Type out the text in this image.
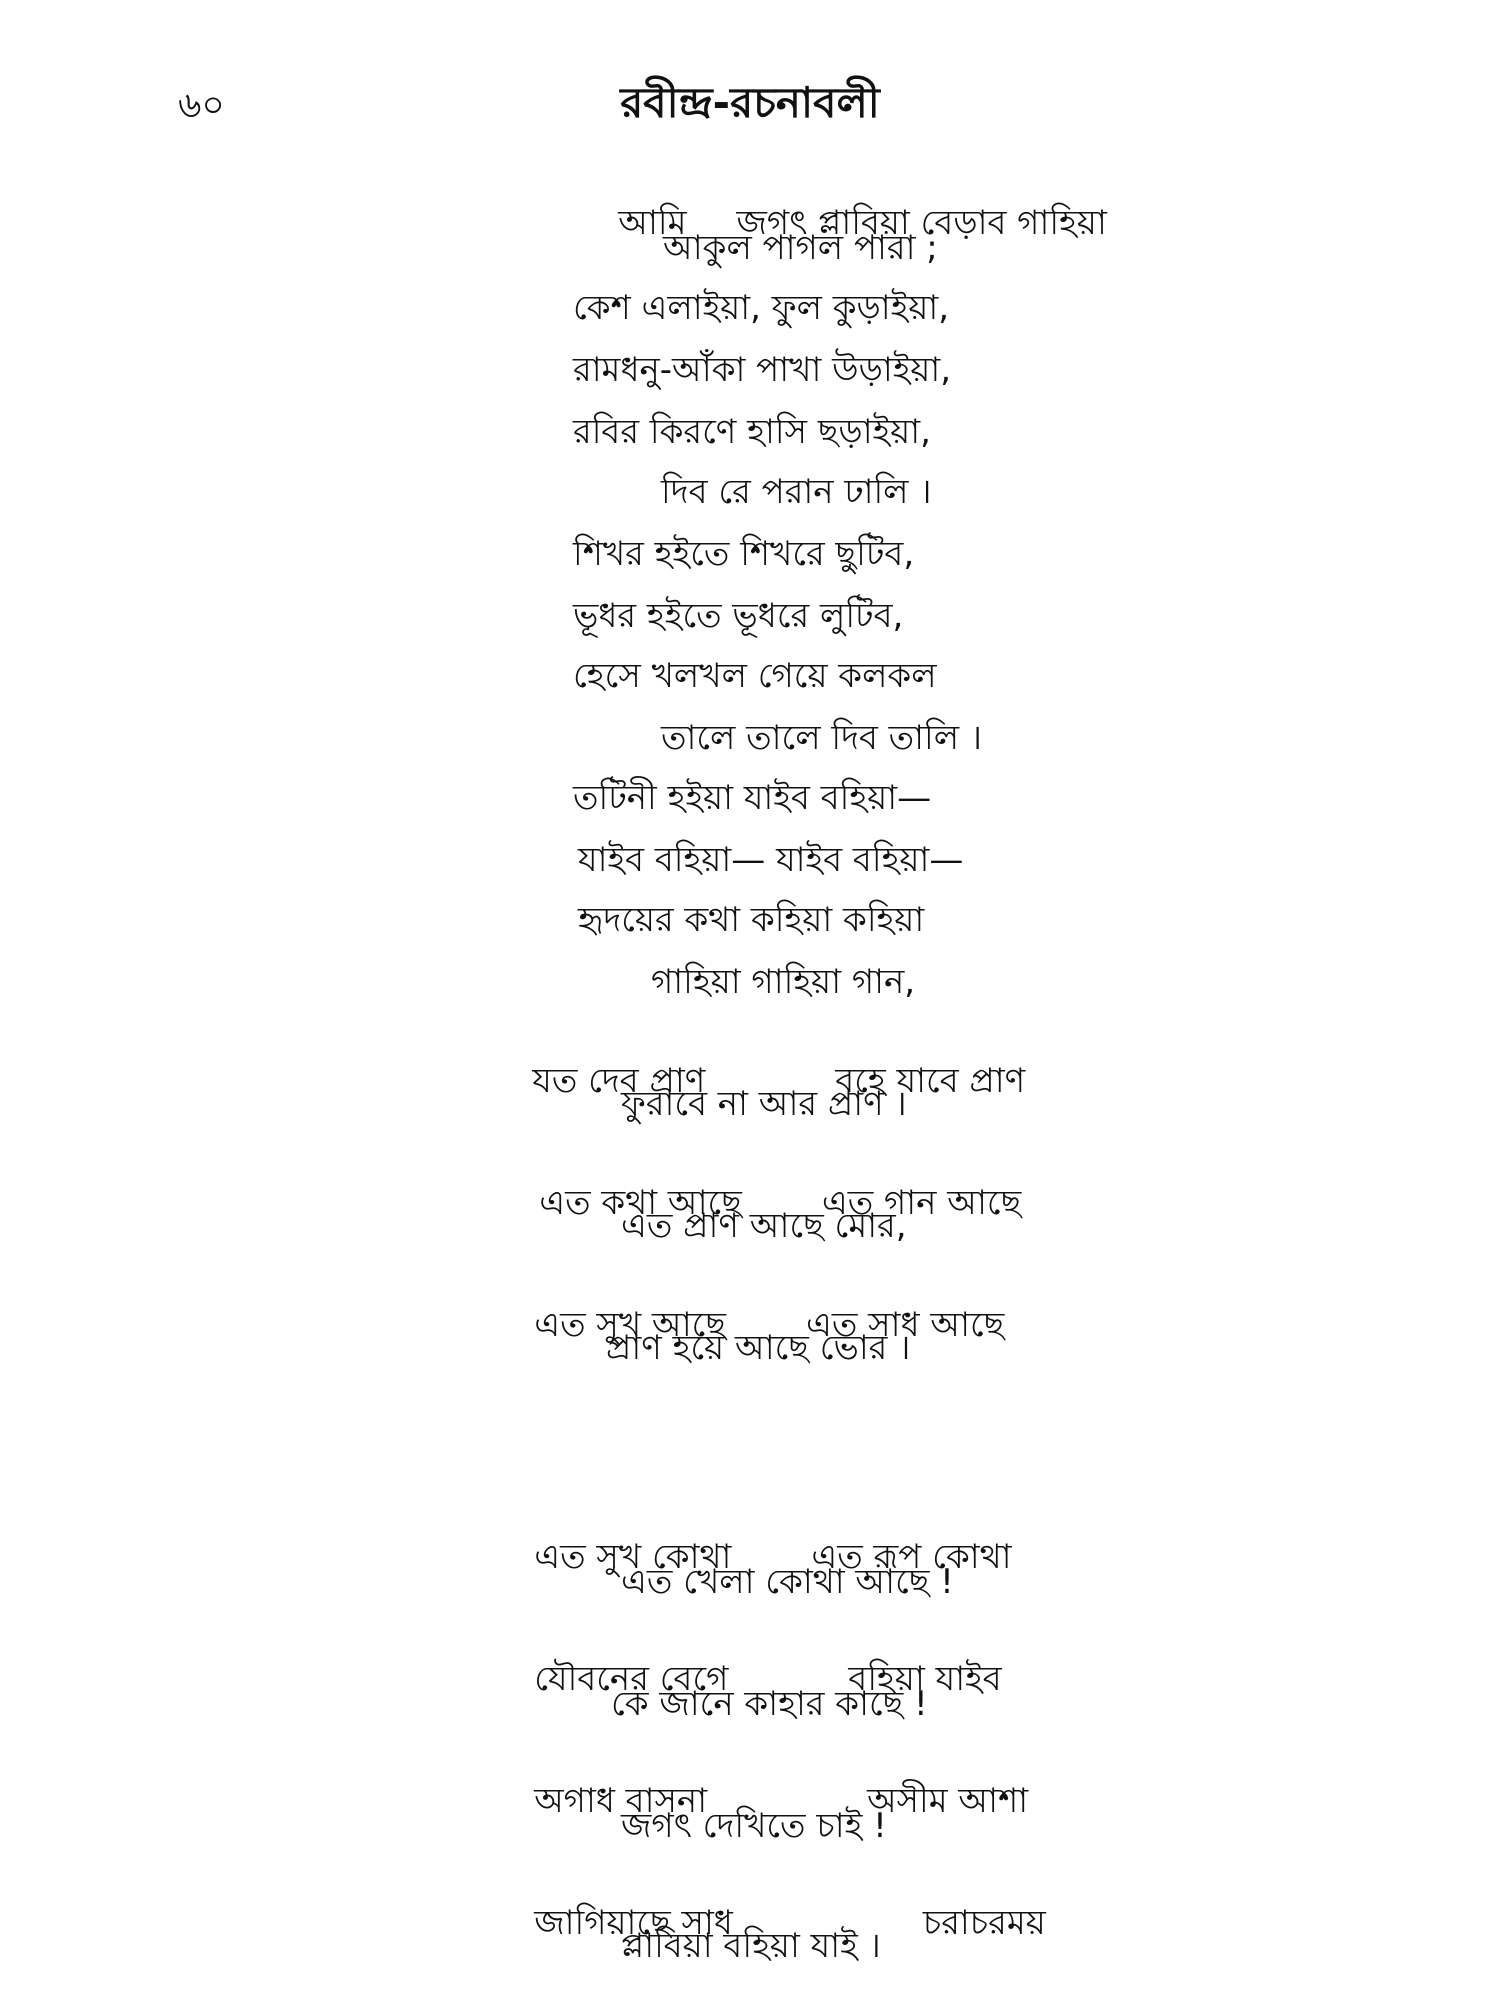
৬০	রবীন্দ্র-রচনাবলী

আমি জগৎ প্লাবিয়া বেড়াব গাহিয়া

আকুল পাগল পারা ;
কেশ এলাইয়া, ফুল কুড়াইয়া,
রামধনু-আঁকা পাখা উড়াইয়া,
রবির কিরণে হাসি ছড়াইয়া,
দিব রে পরান ঢালি ।
শিখর হইতে শিখরে ছুটিব,
ভূধর হইতে ভূধরে লুটিব,
হেসে খলখল গেয়ে কলকল
তালে তালে দিব তালি ।
তটিনী হইয়া যাইব বহিয়া—
যাইব বহিয়া— যাইব বহিয়া—
হৃদয়ের কথা কহিয়া কহিয়া
গাহিয়া গাহিয়া গান,

যত দেব প্রাণ	বহে যাবে প্রাণ

ফুরাবে না আর প্রাণ ।

এত কথা আছে এত গান আছে

এত প্রাণ আছে মোর,

এত সুখ আছে এত সাধ আছে

প্রাণ হয়ে আছে ভোর ।

এত সুখ কোথা এত রূপ কোথা

এত খেলা কোথা আছে !

যৌবনের বেগে	বহিয়া যাইব

কে জানে কাহার কাছে !

অগাধ বাসনা	অসীম আশা

জগৎ দেখিতে চাই !

জাগিয়াছে সাধ	চরাচরময়

প্লাবিয়া বহিয়া যাই ।
